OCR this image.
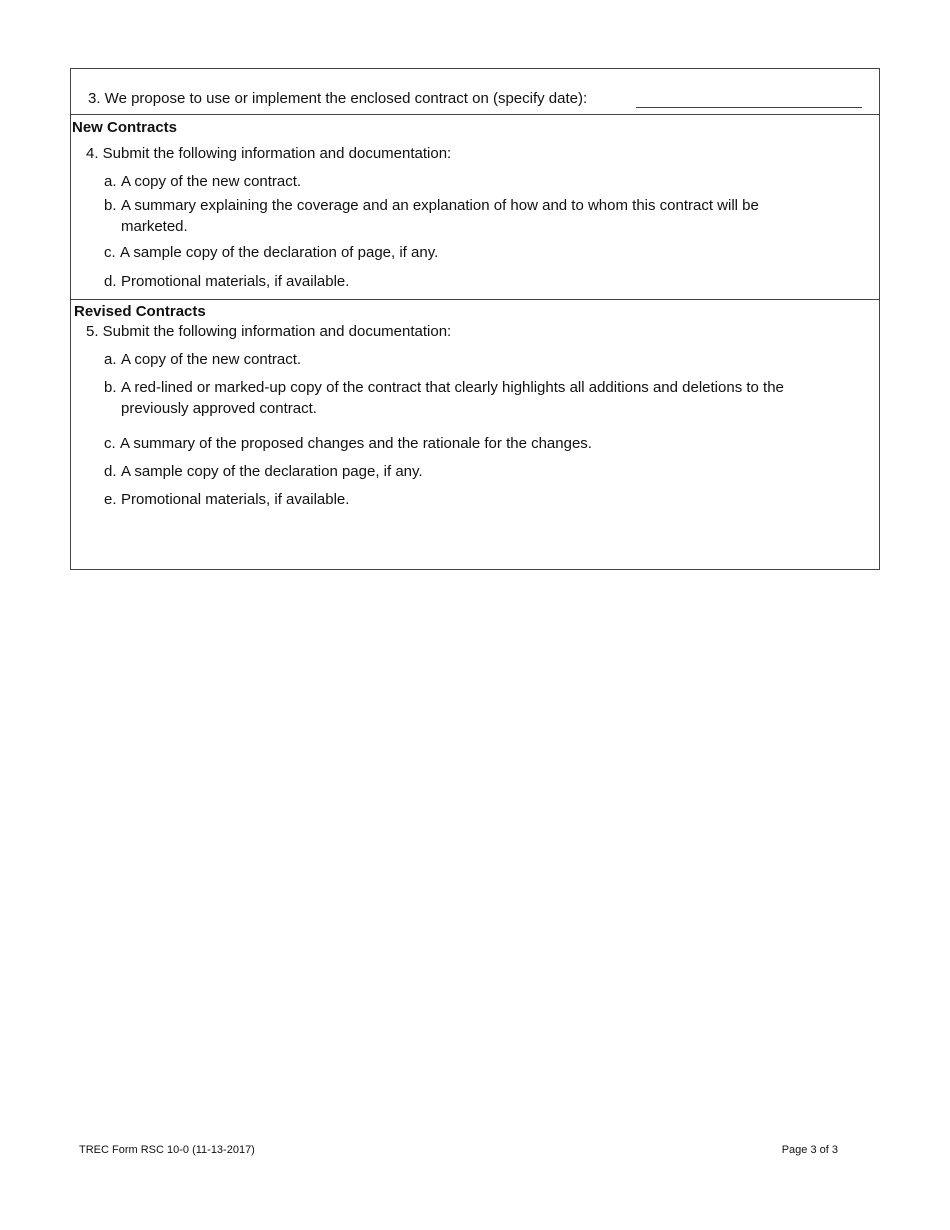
3. We propose to use or implement the enclosed contract on (specify date):
New Contracts
4. Submit the following information and documentation:
a. A copy of the new contract.
b. A summary explaining the coverage and an explanation of how and to whom this contract will be marketed.
c. A sample copy of the declaration of page, if any.
d. Promotional materials, if available.
Revised Contracts
5. Submit the following information and documentation:
a. A copy of the new contract.
b. A red-lined or marked-up copy of the contract that clearly highlights all additions and deletions to the previously approved contract.
c. A summary of the proposed changes and the rationale for the changes.
d. A sample copy of the declaration page, if any.
e. Promotional materials, if available.
TREC Form RSC 10-0 (11-13-2017)	Page 3 of 3
